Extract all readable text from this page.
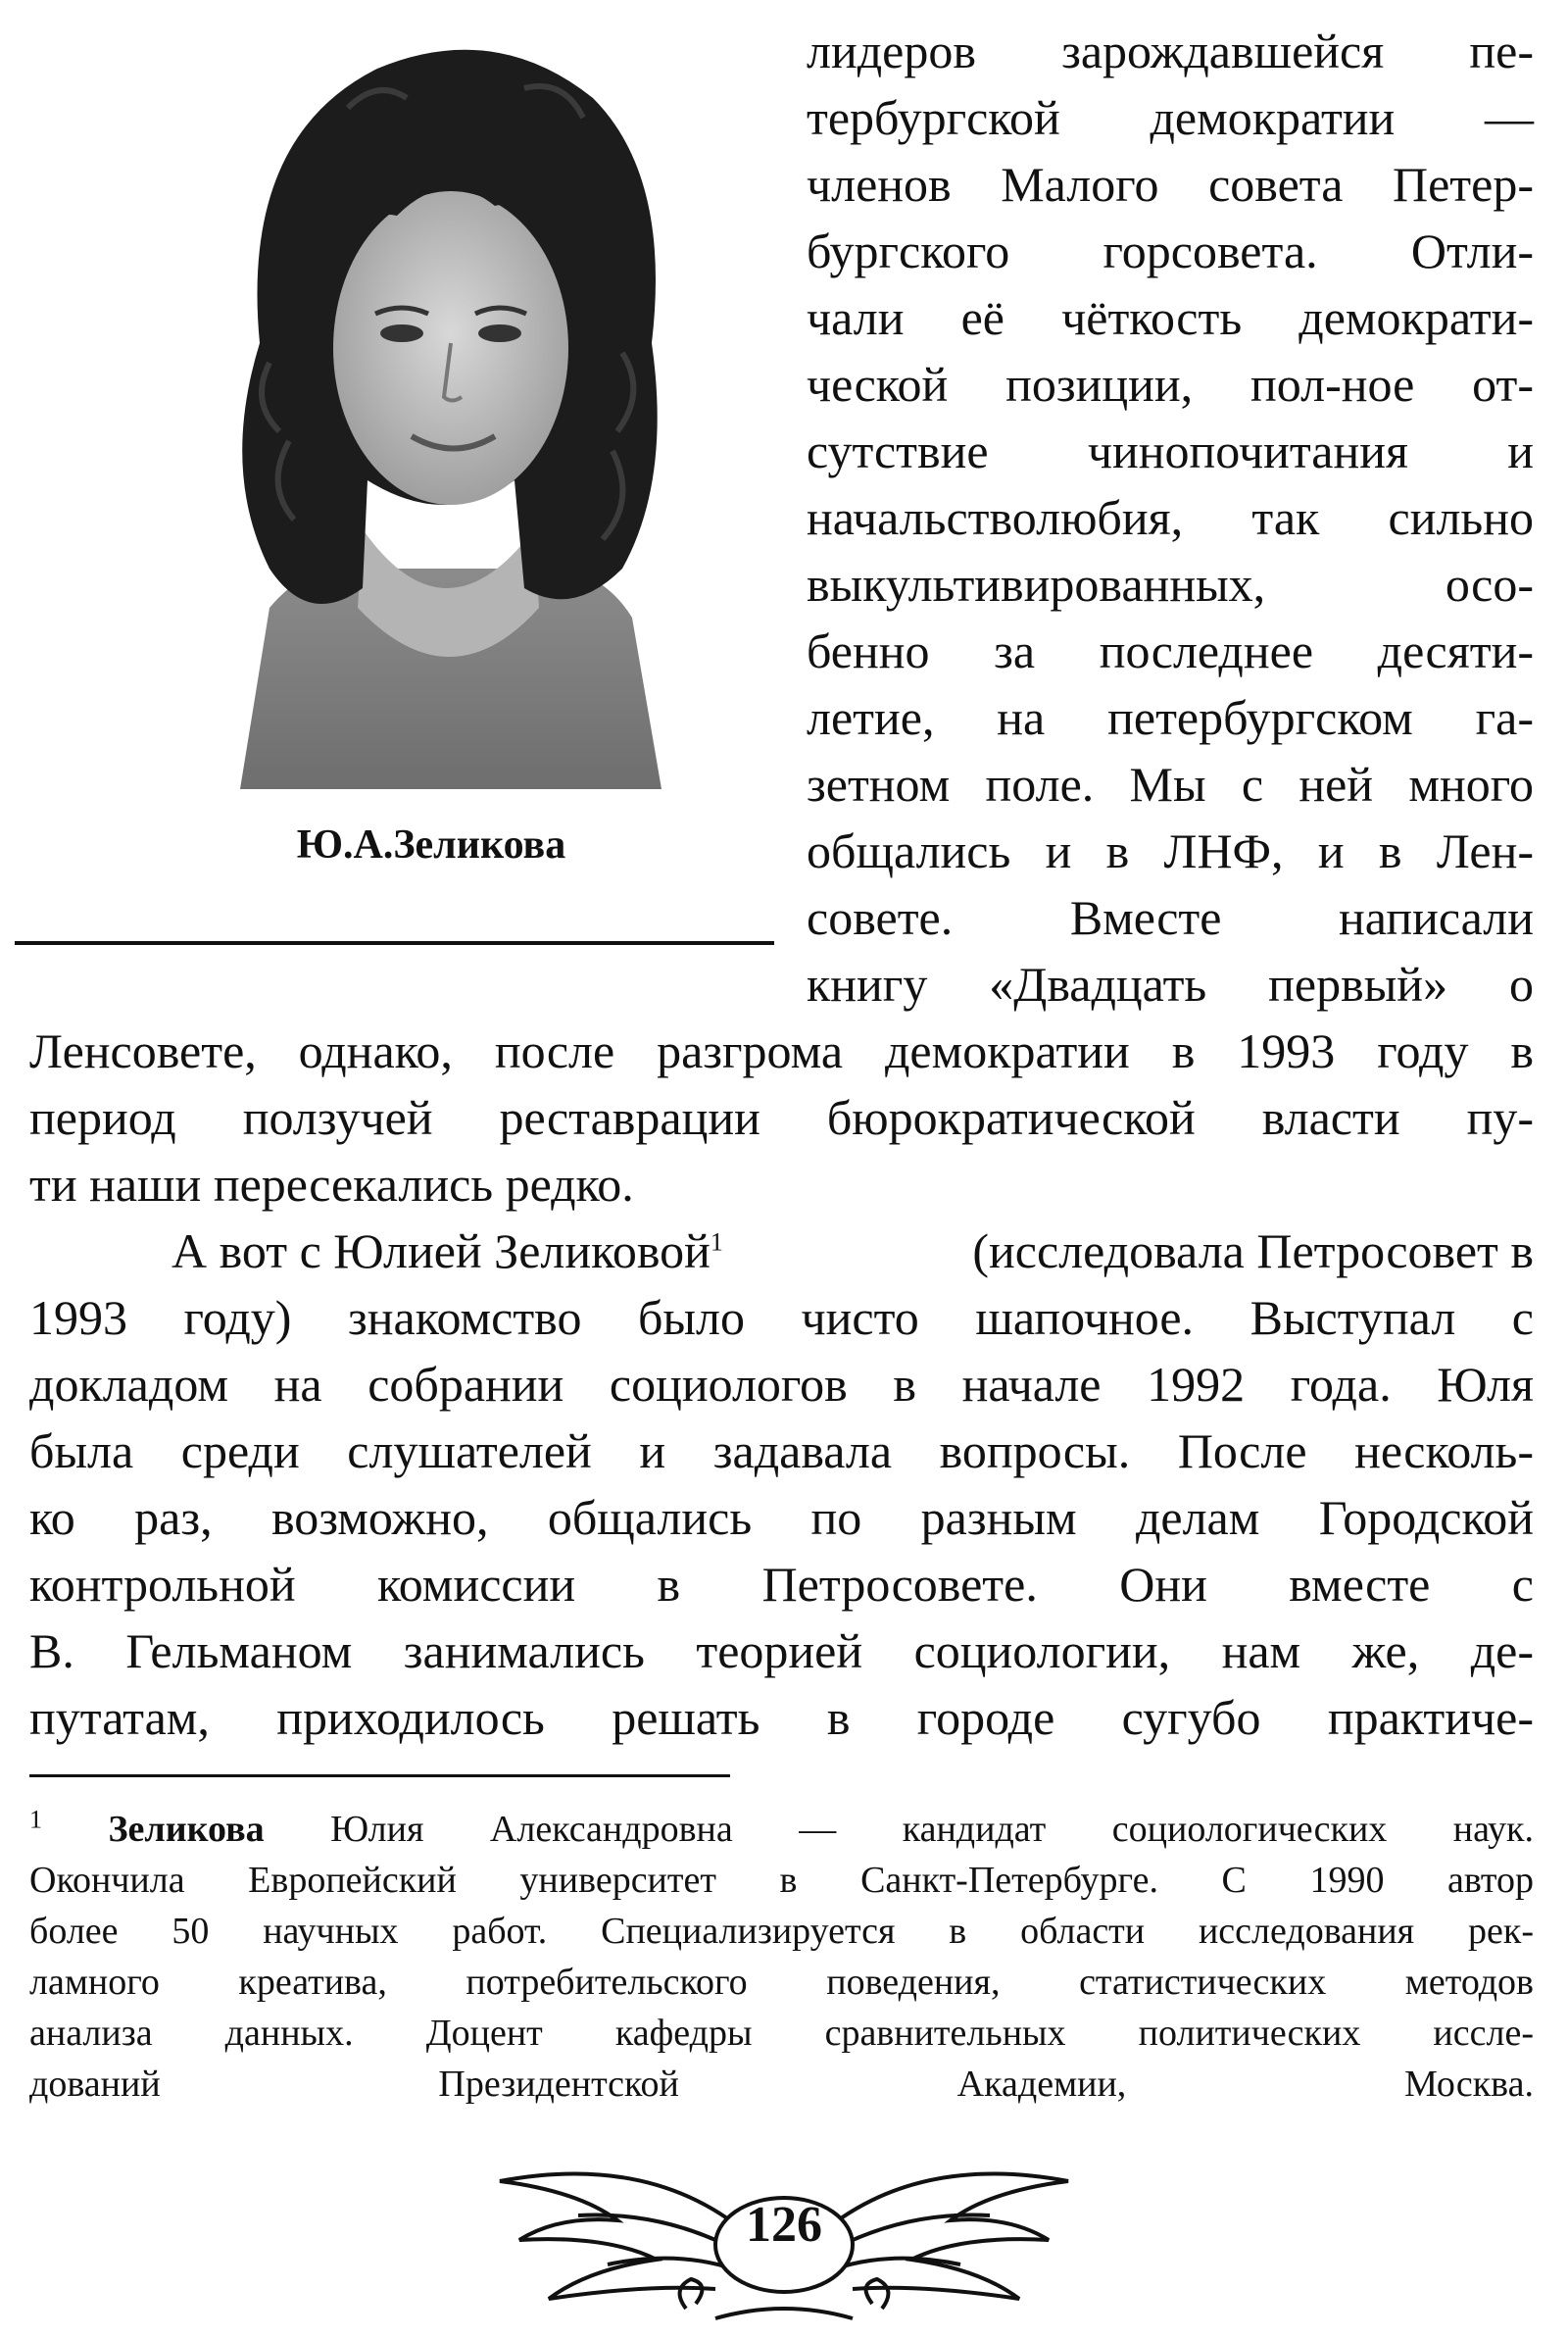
Ю.А.Зеликова
лидеров зарождавшейся пе-
тербургской демократии —
членов Малого совета Петер-
бургского горсовета. Отли-
чали её чёткость демократи-
ческой позиции, пол-ное от-
сутствие чинопочитания и
начальстволюбия, так сильно
выкультивированных, осо-
бенно за последнее десяти-
летие, на петербургском га-
зетном поле. Мы с ней много
общались и в ЛНФ, и в Лен-
совете. Вместе написали
книгу «Двадцать первый» о
Ленсовете, однако, после разгрома демократии в 1993 году в
период ползучей реставрации бюрократической власти пу-
ти наши пересекались редко.
А вот с Юлией Зеликовой$^1$	(исследовала Петросовет в
1993 году) знакомство было чисто шапочное. Выступал с
докладом на собрании социологов в начале 1992 года. Юля
была среди слушателей и задавала вопросы. После несколь-
ко раз, возможно, общались по разным делам Городской
контрольной комиссии в Петросовете. Они вместе с
В. Гельманом занимались теорией социологии, нам же, де-
путатам, приходилось решать в городе сугубо практиче-
$^1$ Зеликова Юлия Александровна — кандидат социологических наук.
Окончила Европейский университет в Санкт-Петербурге. С 1990 автор
более 50 научных работ. Специализируется в области исследования рек-
ламного креатива, потребительского поведения, статистических методов
анализа данных. Доцент кафедры сравнительных политических иссле-
дований Президентской Академии, Москва.
126
